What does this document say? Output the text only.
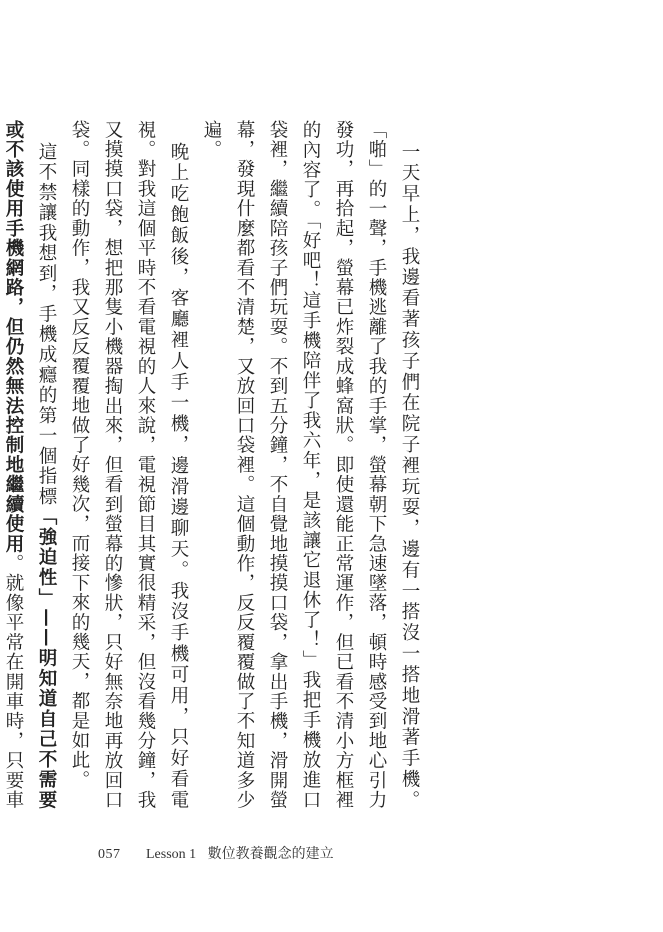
一天早上，我邊看著孩子們在院子裡玩耍，邊有一搭沒一搭地滑著手機。「啪」的一聲，手機逃離了我的手掌，螢幕朝下急速墜落，頓時感受到地心引力發功，再拾起，螢幕已炸裂成蜂窩狀。即使還能正常運作，但已看不清小方框裡的內容了。「好吧！這手機陪伴了我六年，是該讓它退休了！」我把手機放進口袋裡，繼續陪孩子們玩耍。不到五分鐘，不自覺地摸摸口袋，拿出手機，滑開螢幕，發現什麼都看不清楚，又放回口袋裡。這個動作，反反覆覆做了不知道多少遍。

晚上吃飽飯後，客廳裡人手一機，邊滑邊聊天。我沒手機可用，只好看電視。對我這個平時不看電視的人來說，電視節目其實很精采，但沒看幾分鐘，我又摸摸口袋，想把那隻小機器掏出來，但看到螢幕的慘狀，只好無奈地再放回口袋。同樣的動作，我又反反覆覆地做了好幾次，而接下來的幾天，都是如此。

這不禁讓我想到，手機成癮的第一個指標「強迫性」——明知道自己不需要或不該使用手機網路，但仍然無法控制地繼續使用。就像平常在開車時，只要車

057 Lesson 1 數位教養觀念的建立
